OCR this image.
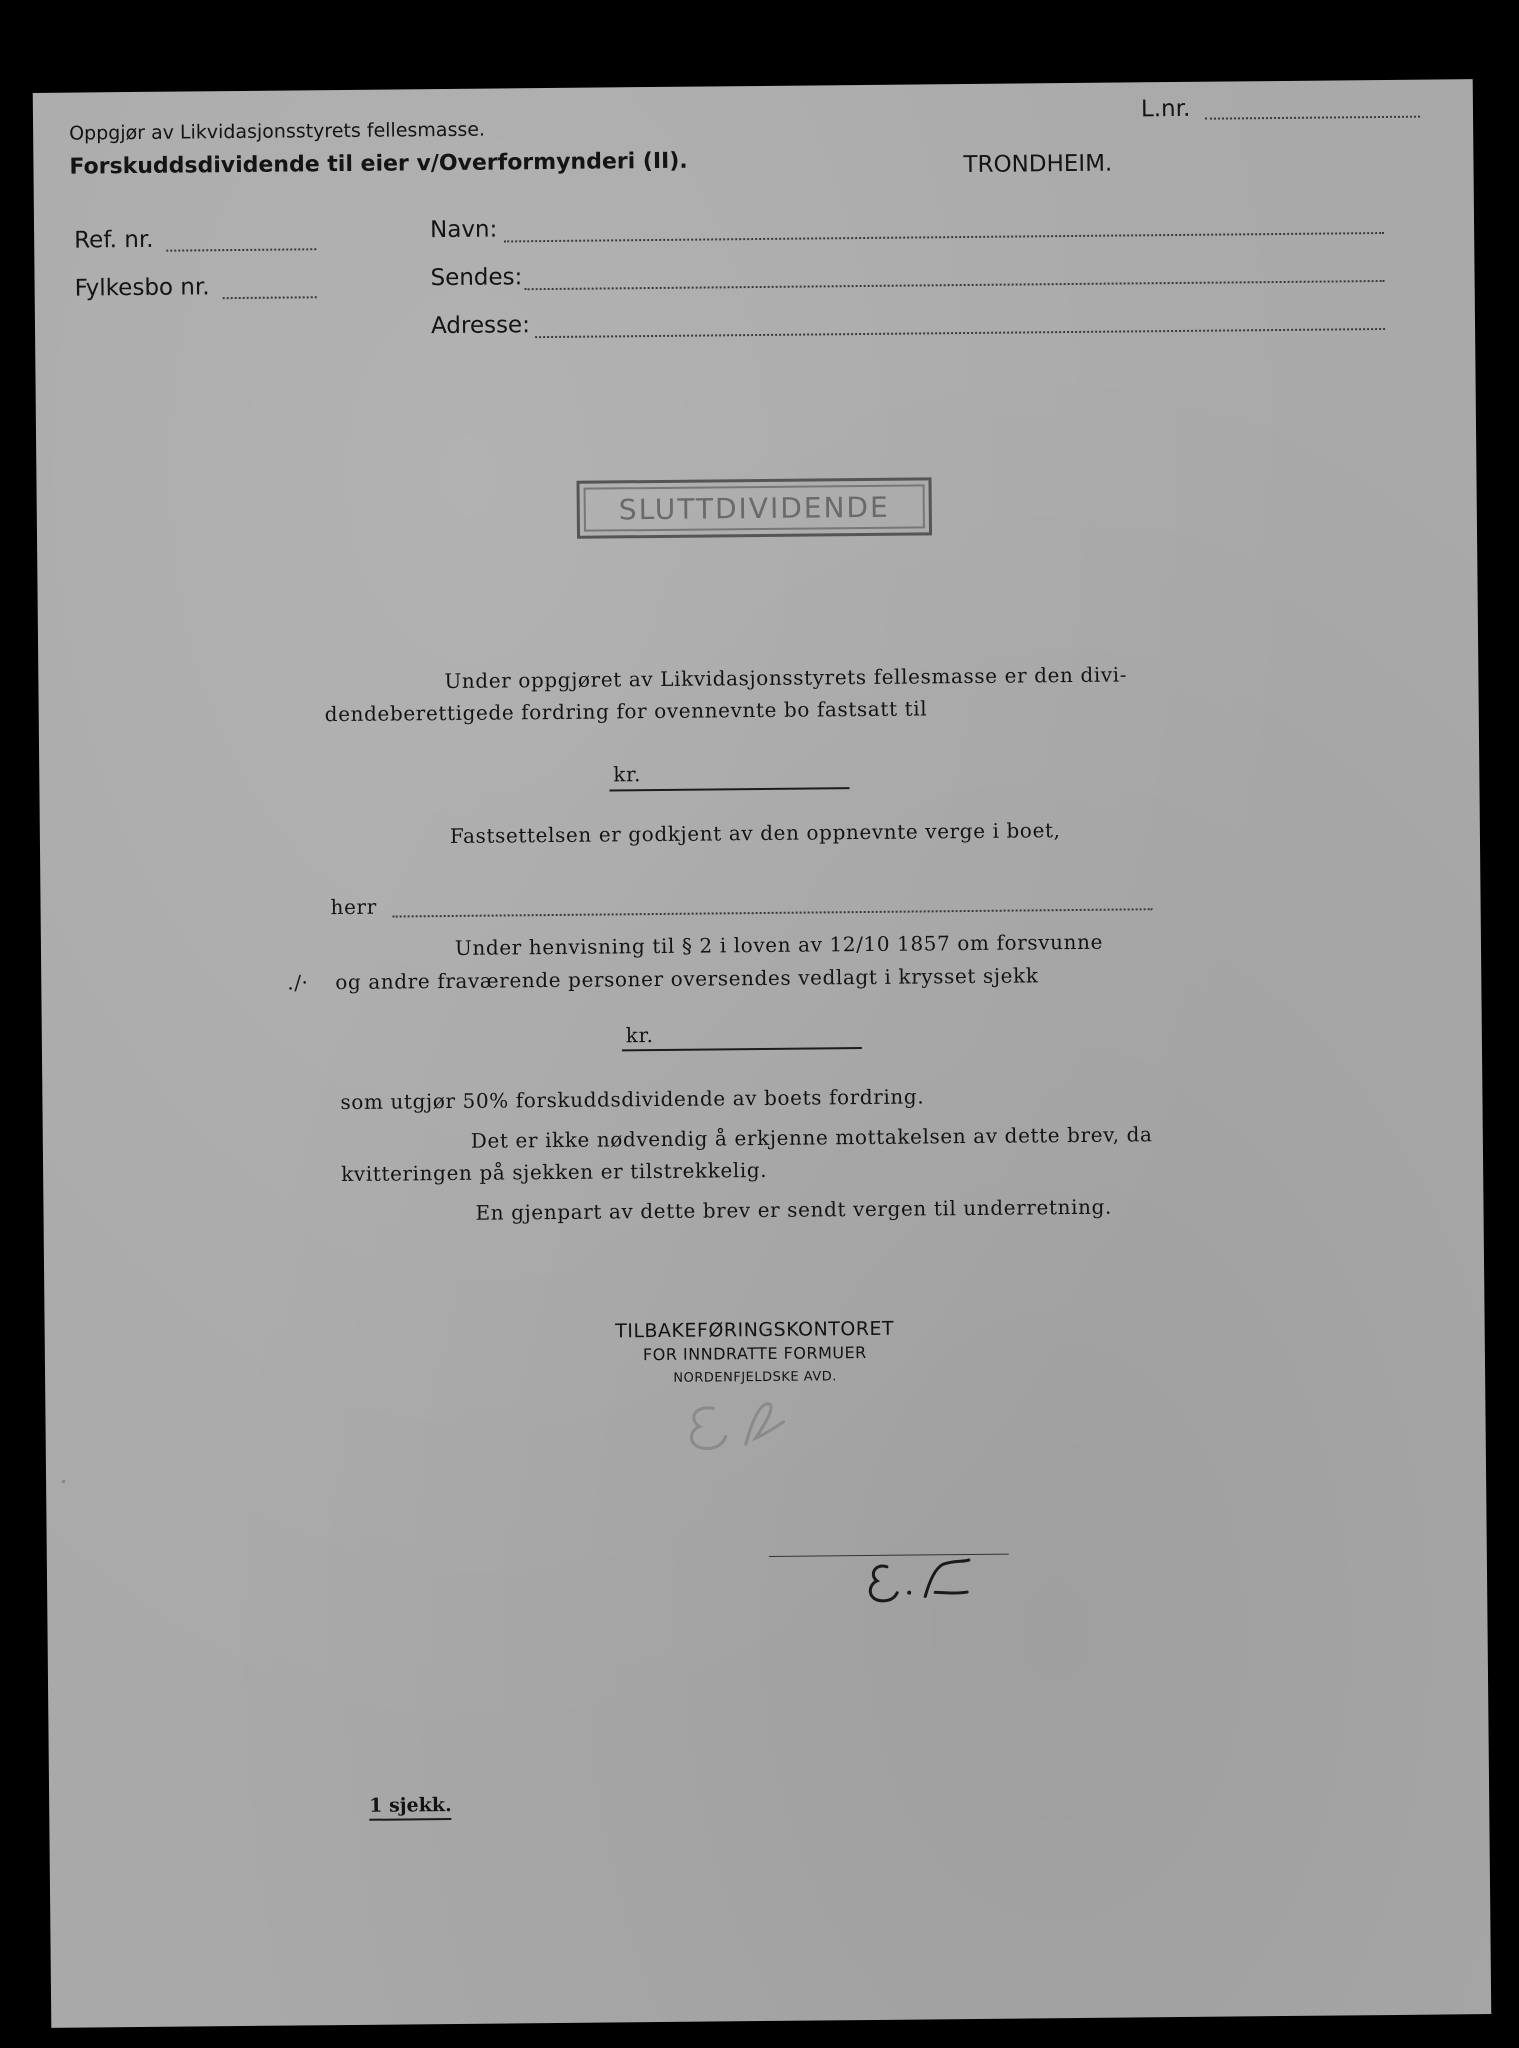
Oppgjør av Likvidasjonsstyrets fellesmasse.
Forskuddsdividende til eier v/Overformynderi (II).
L.nr.
TRONDHEIM.
Ref. nr.
Fylkesbo nr.
Navn:
Sendes:
Adresse:
SLUTTDIVIDENDE
Under oppgjøret av Likvidasjonsstyrets fellesmasse er den divi-
dendeberettigede fordring for ovennevnte bo fastsatt til
kr.
Fastsettelsen er godkjent av den oppnevnte verge i boet,
herr
Under henvisning til § 2 i loven av 12/10 1857 om forsvunne
./· og andre fraværende personer oversendes vedlagt i krysset sjekk
kr.
som utgjør 50% forskuddsdividende av boets fordring.
Det er ikke nødvendig å erkjenne mottakelsen av dette brev, da
kvitteringen på sjekken er tilstrekkelig.
En gjenpart av dette brev er sendt vergen til underretning.
TILBAKEFØRINGSKONTORET
FOR INNDRATTE FORMUER
NORDENFJELDSKE AVD.
1 sjekk.
